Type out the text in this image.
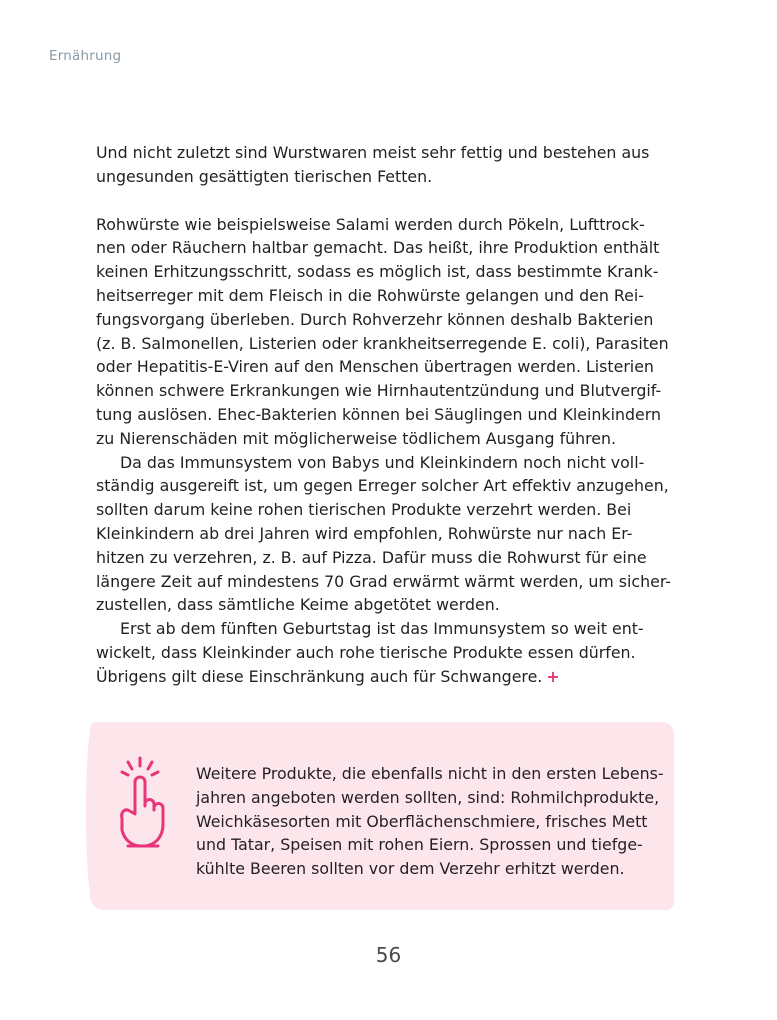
Ernährung

Und nicht zuletzt sind Wurstwaren meist sehr fettig und bestehen aus
ungesunden gesättigten tierischen Fetten.

Rohwürste wie beispielsweise Salami werden durch Pökeln, Lufttrock-
nen oder Räuchern haltbar gemacht. Das heißt, ihre Produktion enthält
keinen Erhitzungsschritt, sodass es möglich ist, dass bestimmte Krank-
heitserreger mit dem Fleisch in die Rohwürste gelangen und den Rei-
fungsvorgang überleben. Durch Rohverzehr können deshalb Bakterien
(z. B. Salmonellen, Listerien oder krankheitserregende E. coli), Parasiten
oder Hepatitis-E-Viren auf den Menschen übertragen werden. Listerien
können schwere Erkrankungen wie Hirnhautentzündung und Blutvergif-
tung auslösen. Ehec-Bakterien können bei Säuglingen und Kleinkindern
zu Nierenschäden mit möglicherweise tödlichem Ausgang führen.

Da das Immunsystem von Babys und Kleinkindern noch nicht voll-
ständig ausgereift ist, um gegen Erreger solcher Art effektiv anzugehen,
sollten darum keine rohen tierischen Produkte verzehrt werden. Bei
Kleinkindern ab drei Jahren wird empfohlen, Rohwürste nur nach Er-
hitzen zu verzehren, z. B. auf Pizza. Dafür muss die Rohwurst für eine
längere Zeit auf mindestens 70 Grad erwärmt wärmt werden, um sicher-
zustellen, dass sämtliche Keime abgetötet werden.

Erst ab dem fünften Geburtstag ist das Immunsystem so weit ent-
wickelt, dass Kleinkinder auch rohe tierische Produkte essen dürfen.
Übrigens gilt diese Einschränkung auch für Schwangere. +

Weitere Produkte, die ebenfalls nicht in den ersten Lebens-
jahren angeboten werden sollten, sind: Rohmilchprodukte,
Weichkäsesorten mit Oberflächenschmiere, frisches Mett
und Tatar, Speisen mit rohen Eiern. Sprossen und tiefge-
kühlte Beeren sollten vor dem Verzehr erhitzt werden.

56
